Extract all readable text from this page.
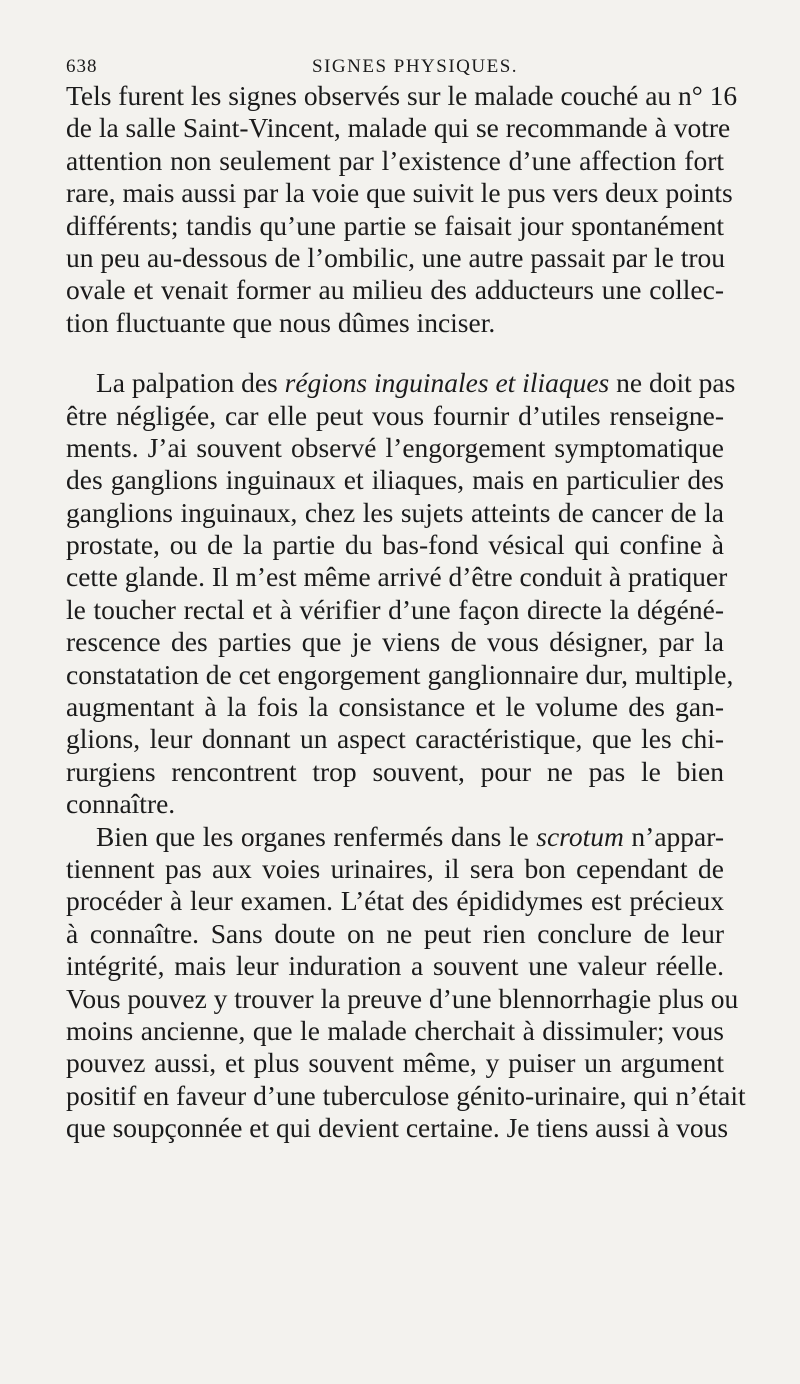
638	SIGNES PHYSIQUES.
Tels furent les signes observés sur le malade couché au n° 16
de la salle Saint-Vincent, malade qui se recommande à votre
attention non seulement par l’existence d’une affection fort
rare, mais aussi par la voie que suivit le pus vers deux points
différents; tandis qu’une partie se faisait jour spontanément
un peu au-dessous de l’ombilic, une autre passait par le trou
ovale et venait former au milieu des adducteurs une collec-
tion fluctuante que nous dûmes inciser.
La palpation des régions inguinales et iliaques ne doit pas
être négligée, car elle peut vous fournir d’utiles renseigne-
ments. J’ai souvent observé l’engorgement symptomatique
des ganglions inguinaux et iliaques, mais en particulier des
ganglions inguinaux, chez les sujets atteints de cancer de la
prostate, ou de la partie du bas-fond vésical qui confine à
cette glande. Il m’est même arrivé d’être conduit à pratiquer
le toucher rectal et à vérifier d’une façon directe la dégéné-
rescence des parties que je viens de vous désigner, par la
constatation de cet engorgement ganglionnaire dur, multiple,
augmentant à la fois la consistance et le volume des gan-
glions, leur donnant un aspect caractéristique, que les chi-
rurgiens rencontrent trop souvent, pour ne pas le bien
connaître.
Bien que les organes renfermés dans le scrotum n’appar-
tiennent pas aux voies urinaires, il sera bon cependant de
procéder à leur examen. L’état des épididymes est précieux
à connaître. Sans doute on ne peut rien conclure de leur
intégrité, mais leur induration a souvent une valeur réelle.
Vous pouvez y trouver la preuve d’une blennorrhagie plus ou
moins ancienne, que le malade cherchait à dissimuler; vous
pouvez aussi, et plus souvent même, y puiser un argument
positif en faveur d’une tuberculose génito-urinaire, qui n’était
que soupçonnée et qui devient certaine. Je tiens aussi à vous
